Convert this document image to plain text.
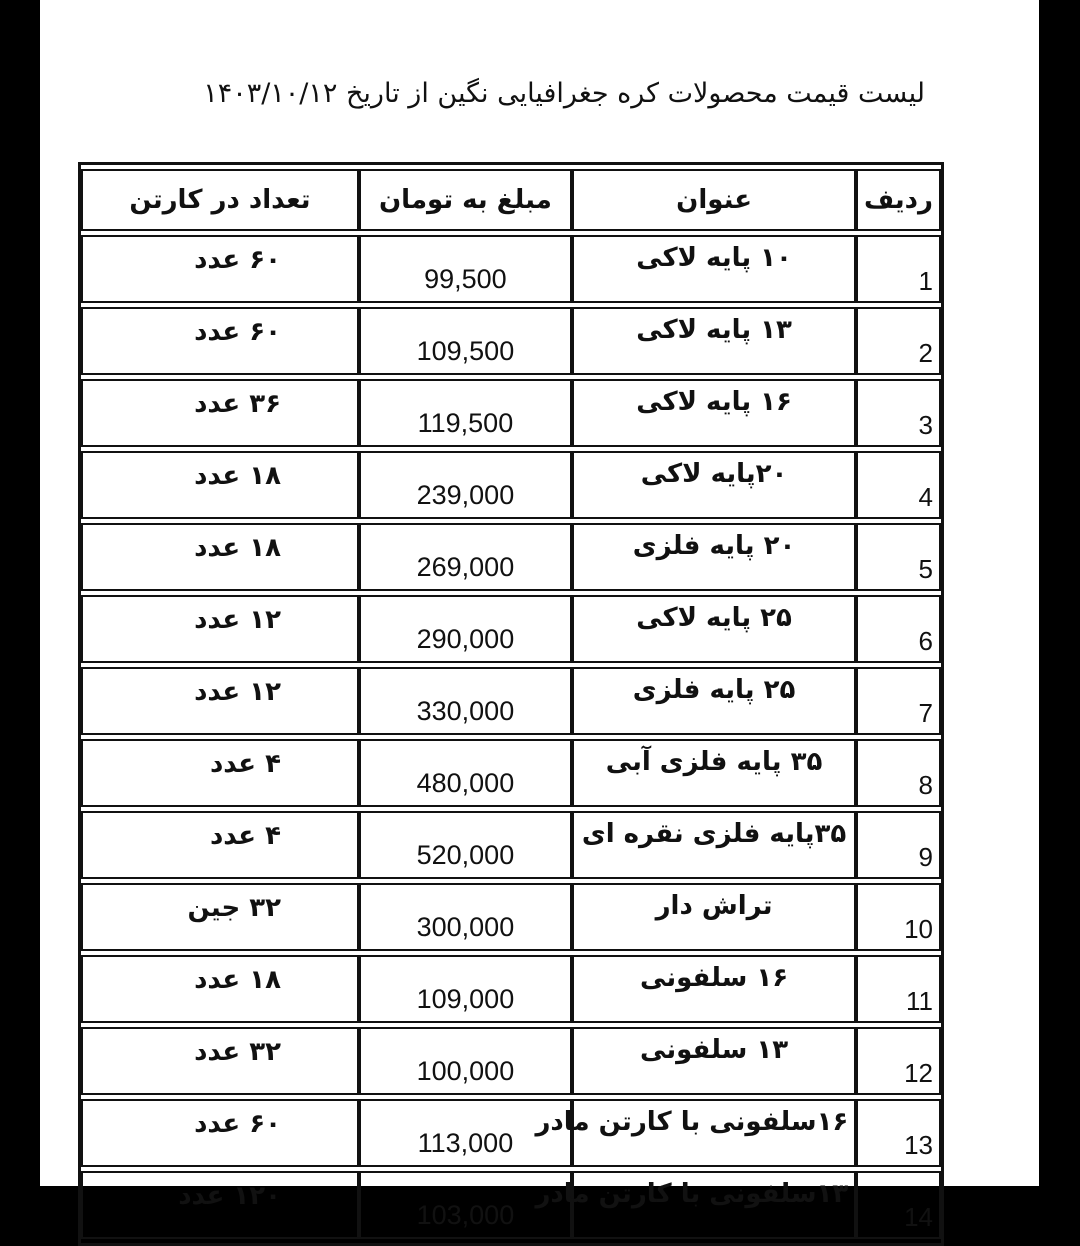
لیست قیمت محصولات کره جغرافیایی نگین از تاریخ ۱۴۰۳/۱۰/۱۲
ردیف	عنوان	مبلغ به تومان	تعداد در کارتن
1	۱۰ پایه لاکی	99,500	۶۰ عدد
2	۱۳ پایه لاکی	109,500	۶۰ عدد
3	۱۶ پایه لاکی	119,500	۳۶ عدد
4	۲۰پایه لاکی	239,000	۱۸ عدد
5	۲۰ پایه فلزی	269,000	۱۸ عدد
6	۲۵ پایه لاکی	290,000	۱۲ عدد
7	۲۵ پایه فلزی	330,000	۱۲ عدد
8	۳۵ پایه فلزی آبی	480,000	۴ عدد
9	۳۵پایه فلزی نقره ای	520,000	۴ عدد
10	تراش دار	300,000	۳۲ جین
11	۱۶ سلفونی	109,000	۱۸ عدد
12	۱۳ سلفونی	100,000	۳۲ عدد
13	۱۶سلفونی با کارتن مادر	113,000	۶۰ عدد
14	۱۳سلفونی با کارتن مادر	103,000	۱۲۰ عدد
